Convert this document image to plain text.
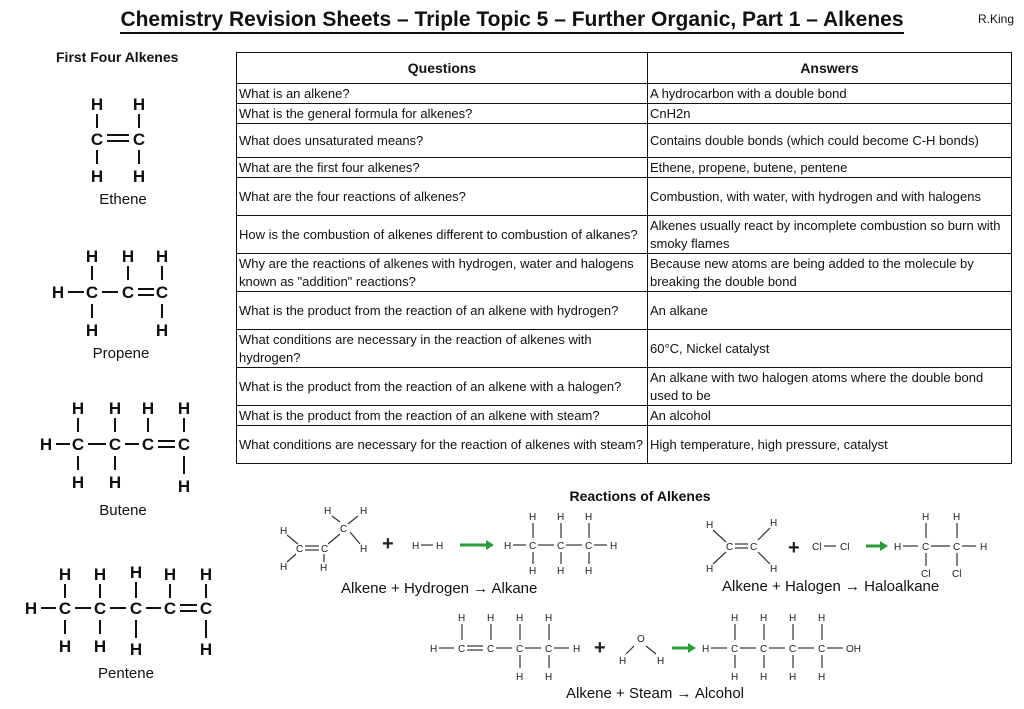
Chemistry Revision Sheets – Triple Topic 5 – Further Organic, Part 1 – Alkenes	R.King
First Four Alkenes
H H
C C
H H
Ethene
H H H
H C C C
H	H
Propene
H H H H
H C C C C
H H	H
Butene
H H H H H
H C C C C C
H H H	H
Pentene
Questions	Answers
What is an alkene?	A hydrocarbon with a double bond
What is the general formula for alkenes?	CnH2n
What does unsaturated means?	Contains double bonds (which could become C-H bonds)
What are the first four alkenes?	Ethene, propene, butene, pentene
What are the four reactions of alkenes?	Combustion, with water, with hydrogen and with halogens
How is the combustion of alkenes different to combustion of alkanes?	Alkenes usually react by incomplete combustion so burn with smoky flames
Why are the reactions of alkenes with hydrogen, water and halogens known as "addition" reactions?	Because new atoms are being added to the molecule by breaking the double bond
What is the product from the reaction of an alkene with hydrogen?	An alkane
What conditions are necessary in the reaction of alkenes with hydrogen?	60°C, Nickel catalyst
What is the product from the reaction of an alkene with a halogen?	An alkane with two halogen atoms where the double bond used to be
What is the product from the reaction of an alkene with steam?	An alcohol
What conditions are necessary for the reaction of alkenes with steam?	High temperature, high pressure, catalyst
Reactions of Alkenes
H
C C
H	H
C
H	H
H + H H	H C C C H
H H H
H H H
Alkene + Hydrogen → Alkane
H
C C
H
H
H
+ Cl Cl	H C C H
H H
Cl Cl
Alkene + Halogen → Haloalkane
H C C C C H
H H H H
H H
+	O
H	H
H C C C C OH
H H H H
H H H H
Alkene + Steam → Alcohol
